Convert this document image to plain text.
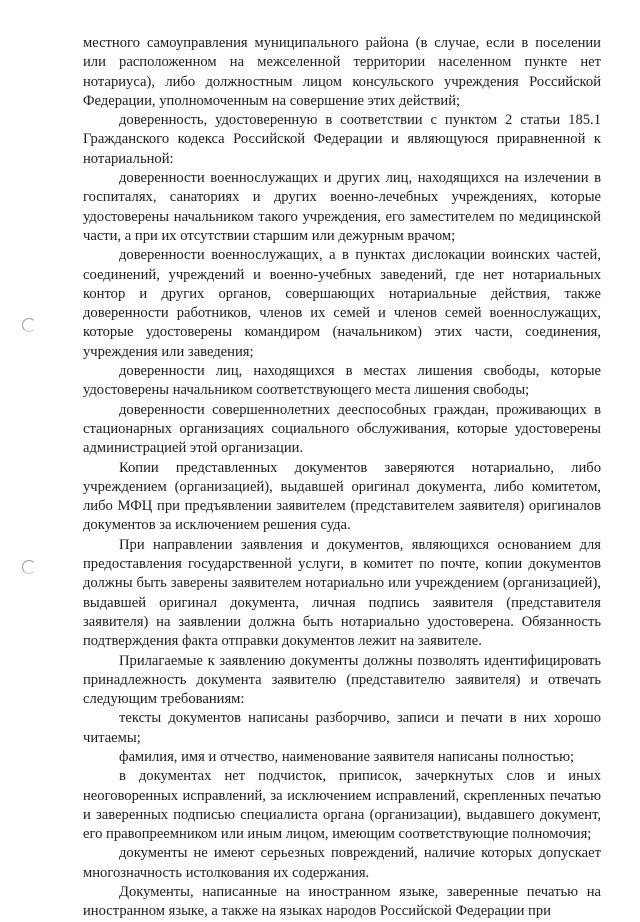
местного самоуправления муниципального района (в случае, если в поселении или расположенном на межселенной территории населенном пункте нет нотариуса), либо должностным лицом консульского учреждения Российской Федерации, уполномоченным на совершение этих действий;

доверенность, удостоверенную в соответствии с пунктом 2 статьи 185.1 Гражданского кодекса Российской Федерации и являющуюся приравненной к нотариальной:

доверенности военнослужащих и других лиц, находящихся на излечении в госпиталях, санаториях и других военно-лечебных учреждениях, которые удостоверены начальником такого учреждения, его заместителем по медицинской части, а при их отсутствии старшим или дежурным врачом;

доверенности военнослужащих, а в пунктах дислокации воинских частей, соединений, учреждений и военно-учебных заведений, где нет нотариальных контор и других органов, совершающих нотариальные действия, также доверенности работников, членов их семей и членов семей военнослужащих, которые удостоверены командиром (начальником) этих части, соединения, учреждения или заведения;

доверенности лиц, находящихся в местах лишения свободы, которые удостоверены начальником соответствующего места лишения свободы;

доверенности совершеннолетних дееспособных граждан, проживающих в стационарных организациях социального обслуживания, которые удостоверены администрацией этой организации.

Копии представленных документов заверяются нотариально, либо учреждением (организацией), выдавшей оригинал документа, либо комитетом, либо МФЦ при предъявлении заявителем (представителем заявителя) оригиналов документов за исключением решения суда.

При направлении заявления и документов, являющихся основанием для предоставления государственной услуги, в комитет по почте, копии документов должны быть заверены заявителем нотариально или учреждением (организацией), выдавшей оригинал документа, личная подпись заявителя (представителя заявителя) на заявлении должна быть нотариально удостоверена. Обязанность подтверждения факта отправки документов лежит на заявителе.

Прилагаемые к заявлению документы должны позволять идентифицировать принадлежность документа заявителю (представителю заявителя) и отвечать следующим требованиям:

тексты документов написаны разборчиво, записи и печати в них хорошо читаемы;

фамилия, имя и отчество, наименование заявителя написаны полностью;

в документах нет подчисток, приписок, зачеркнутых слов и иных неоговоренных исправлений, за исключением исправлений, скрепленных печатью и заверенных подписью специалиста органа (организации), выдавшего документ, его правопреемником или иным лицом, имеющим соответствующие полномочия;

документы не имеют серьезных повреждений, наличие которых допускает многозначность истолкования их содержания.

Документы, написанные на иностранном языке, заверенные печатью на иностранном языке, а также на языках народов Российской Федерации при
